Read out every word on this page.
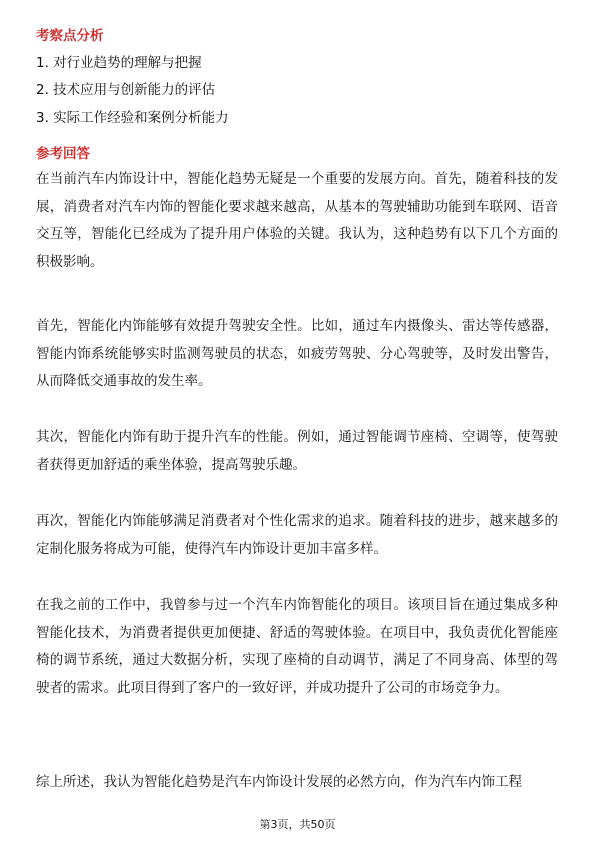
考察点分析

1. 对行业趋势的理解与把握

2. 技术应用与创新能力的评估

3. 实际工作经验和案例分析能力

参考回答

在当前汽车内饰设计中，智能化趋势无疑是一个重要的发展方向。首先，随着科技的发展，消费者对汽车内饰的智能化要求越来越高，从基本的驾驶辅助功能到车联网、语音交互等，智能化已经成为了提升用户体验的关键。我认为，这种趋势有以下几个方面的积极影响。

首先，智能化内饰能够有效提升驾驶安全性。比如，通过车内摄像头、雷达等传感器，智能内饰系统能够实时监测驾驶员的状态，如疲劳驾驶、分心驾驶等，及时发出警告，从而降低交通事故的发生率。

其次，智能化内饰有助于提升汽车的性能。例如，通过智能调节座椅、空调等，使驾驶者获得更加舒适的乘坐体验，提高驾驶乐趣。

再次，智能化内饰能够满足消费者对个性化需求的追求。随着科技的进步，越来越多的定制化服务将成为可能，使得汽车内饰设计更加丰富多样。

在我之前的工作中，我曾参与过一个汽车内饰智能化的项目。该项目旨在通过集成多种智能化技术，为消费者提供更加便捷、舒适的驾驶体验。在项目中，我负责优化智能座椅的调节系统，通过大数据分析，实现了座椅的自动调节，满足了不同身高、体型的驾驶者的需求。此项目得到了客户的一致好评，并成功提升了公司的市场竞争力。

综上所述，我认为智能化趋势是汽车内饰设计发展的必然方向，作为汽车内饰工程

第3页，共50页
